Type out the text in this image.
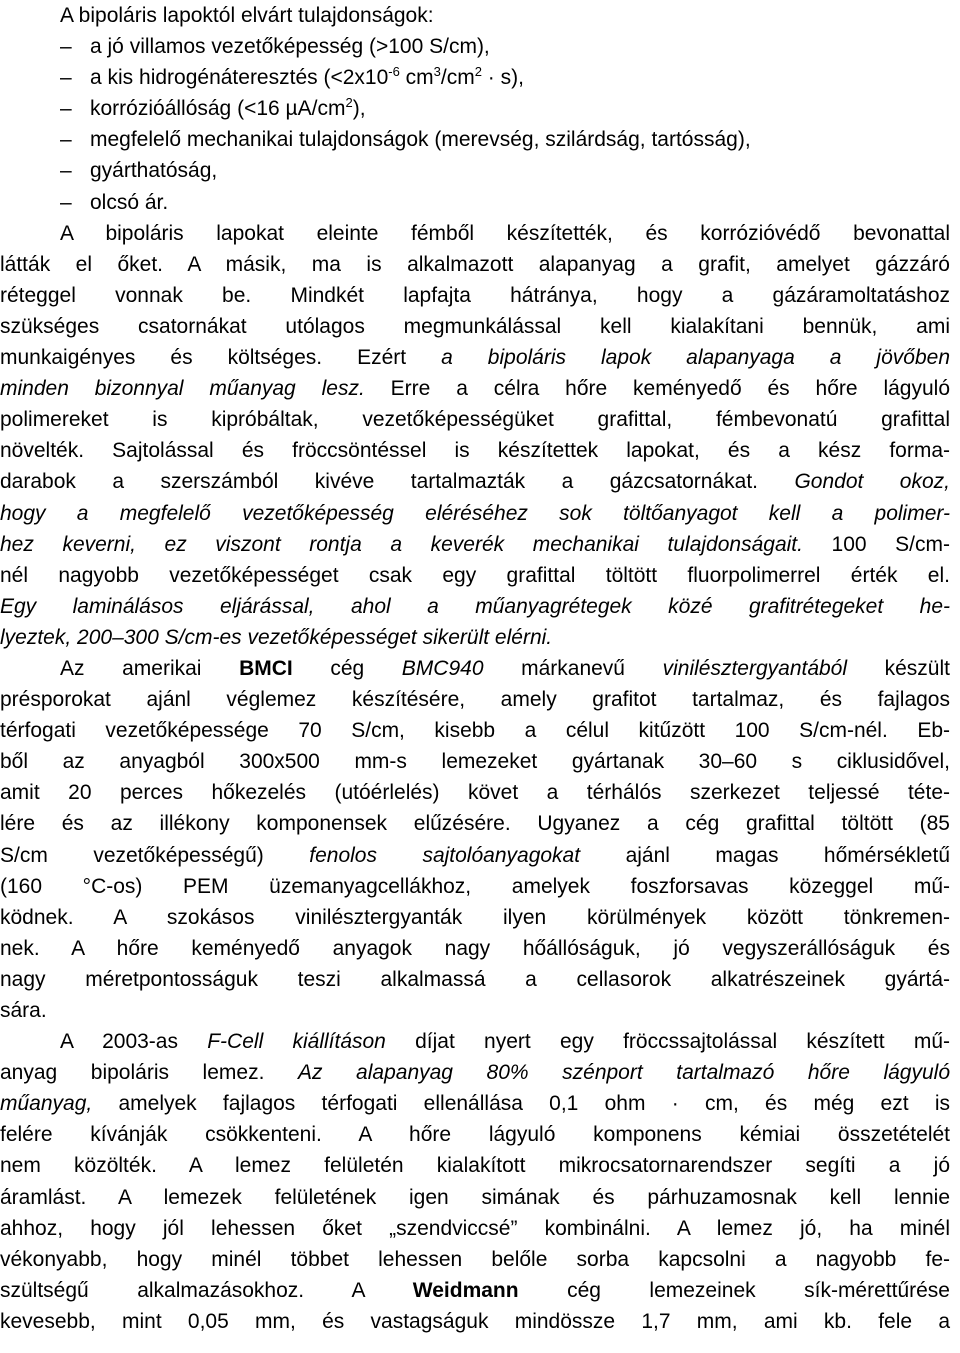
A bipoláris lapoktól elvárt tulajdonságok:
– a jó villamos vezetőképesség (>100 S/cm),
– a kis hidrogénáteresztés ($<2x10^{-6}$ $cm^3/cm^2 \cdot s$),
– korrózióállóság (<16 $\mu A/cm^2$),
– megfelelő mechanikai tulajdonságok (merevség, szilárdság, tartósság),
– gyárthatóság,
– olcsó ár.
A bipoláris lapokat eleinte fémből készítették, és korrózióvédő bevonattal
látták el őket. A másik, ma is alkalmazott alapanyag a grafit, amelyet gázzáró
réteggel vonnak be. Mindkét lapfajta hátránya, hogy a gázáramoltatáshoz
szükséges csatornákat utólagos megmunkálással kell kialakítani bennük, ami
munkaigényes és költséges. Ezért a bipoláris lapok alapanyaga a jövőben
minden bizonnyal műanyag lesz. Erre a célra hőre keményedő és hőre lágyuló
polimereket is kipróbáltak, vezetőképességüket grafittal, fémbevonatú grafittal
növelték. Sajtolással és fröccsöntéssel is készítettek lapokat, és a kész forma-
darabok a szerszámból kivéve tartalmazták a gázcsatornákat. Gondot okoz,
hogy a megfelelő vezetőképesség eléréséhez sok töltőanyagot kell a polimer-
hez keverni, ez viszont rontja a keverék mechanikai tulajdonságait. 100 S/cm-
nél nagyobb vezetőképességet csak egy grafittal töltött fluorpolimerrel érték el.
Egy laminálásos eljárással, ahol a műanyagrétegek közé grafitrétegeket he-
lyeztek, 200–300 S/cm-es vezetőképességet sikerült elérni.
Az amerikai BMCI cég BMC940 márkanevű vinilésztergyantából készült
présporokat ajánl véglemez készítésére, amely grafitot tartalmaz, és fajlagos
térfogati vezetőképessége 70 S/cm, kisebb a célul kitűzött 100 S/cm-nél. Eb-
ből az anyagból 300x500 mm-s lemezeket gyártanak 30–60 s ciklusidővel,
amit 20 perces hőkezelés (utóérlelés) követ a térhálós szerkezet teljessé téte-
lére és az illékony komponensek elűzésére. Ugyanez a cég grafittal töltött (85
S/cm vezetőképességű) fenolos sajtolóanyagokat ajánl magas hőmérsékletű
(160 °C-os) PEM üzemanyagcellákhoz, amelyek foszforsavas közeggel mű-
ködnek. A szokásos vinilésztergyanták ilyen körülmények között tönkremen-
nek. A hőre keményedő anyagok nagy hőállóságuk, jó vegyszerállóságuk és
nagy méretpontosságuk teszi alkalmassá a cellasorok alkatrészeinek gyártá-
sára.
A 2003-as F-Cell kiállításon díjat nyert egy fröccssajtolással készített mű-
anyag bipoláris lemez. Az alapanyag 80% szénport tartalmazó hőre lágyuló
műanyag, amelyek fajlagos térfogati ellenállása 0,1 ohm · cm, és még ezt is
felére kívánják csökkenteni. A hőre lágyuló komponens kémiai összetételét
nem közölték. A lemez felületén kialakított mikrocsatornarendszer segíti a jó
áramlást. A lemezek felületének igen simának és párhuzamosnak kell lennie
ahhoz, hogy jól lehessen őket „szendviccsé” kombinálni. A lemez jó, ha minél
vékonyabb, hogy minél többet lehessen belőle sorba kapcsolni a nagyobb fe-
szültségű alkalmazásokhoz. A Weidmann cég lemezeinek sík-mérettűrése
kevesebb, mint 0,05 mm, és vastagságuk mindössze 1,7 mm, ami kb. fele a
